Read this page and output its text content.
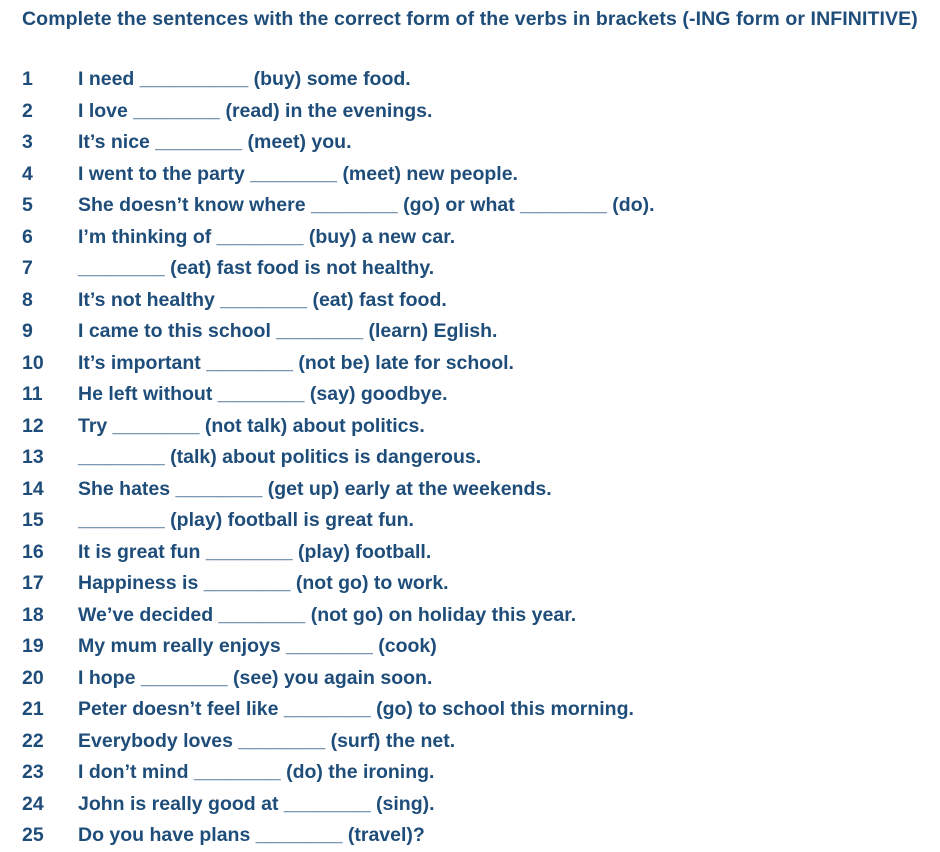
Complete the sentences with the correct form of the verbs in brackets (-ING form or INFINITIVE)
1 I need __________ (buy) some food.
2 I love ________ (read) in the evenings.
3 It’s nice ________ (meet) you.
4 I went to the party ________ (meet) new people.
5 She doesn’t know where ________ (go) or what ________ (do).
6 I’m thinking of ________ (buy) a new car.
7 ________ (eat) fast food is not healthy.
8 It’s not healthy ________ (eat) fast food.
9 I came to this school ________ (learn) Eglish.
10 It’s important ________ (not be) late for school.
11 He left without ________ (say) goodbye.
12 Try ________ (not talk) about politics.
13 ________ (talk) about politics is dangerous.
14 She hates ________ (get up) early at the weekends.
15 ________ (play) football is great fun.
16 It is great fun ________ (play) football.
17 Happiness is ________ (not go) to work.
18 We’ve decided ________ (not go) on holiday this year.
19 My mum really enjoys ________ (cook)
20 I hope ________ (see) you again soon.
21 Peter doesn’t feel like ________ (go) to school this morning.
22 Everybody loves ________ (surf) the net.
23 I don’t mind ________ (do) the ironing.
24 John is really good at ________ (sing).
25 Do you have plans ________ (travel)?
